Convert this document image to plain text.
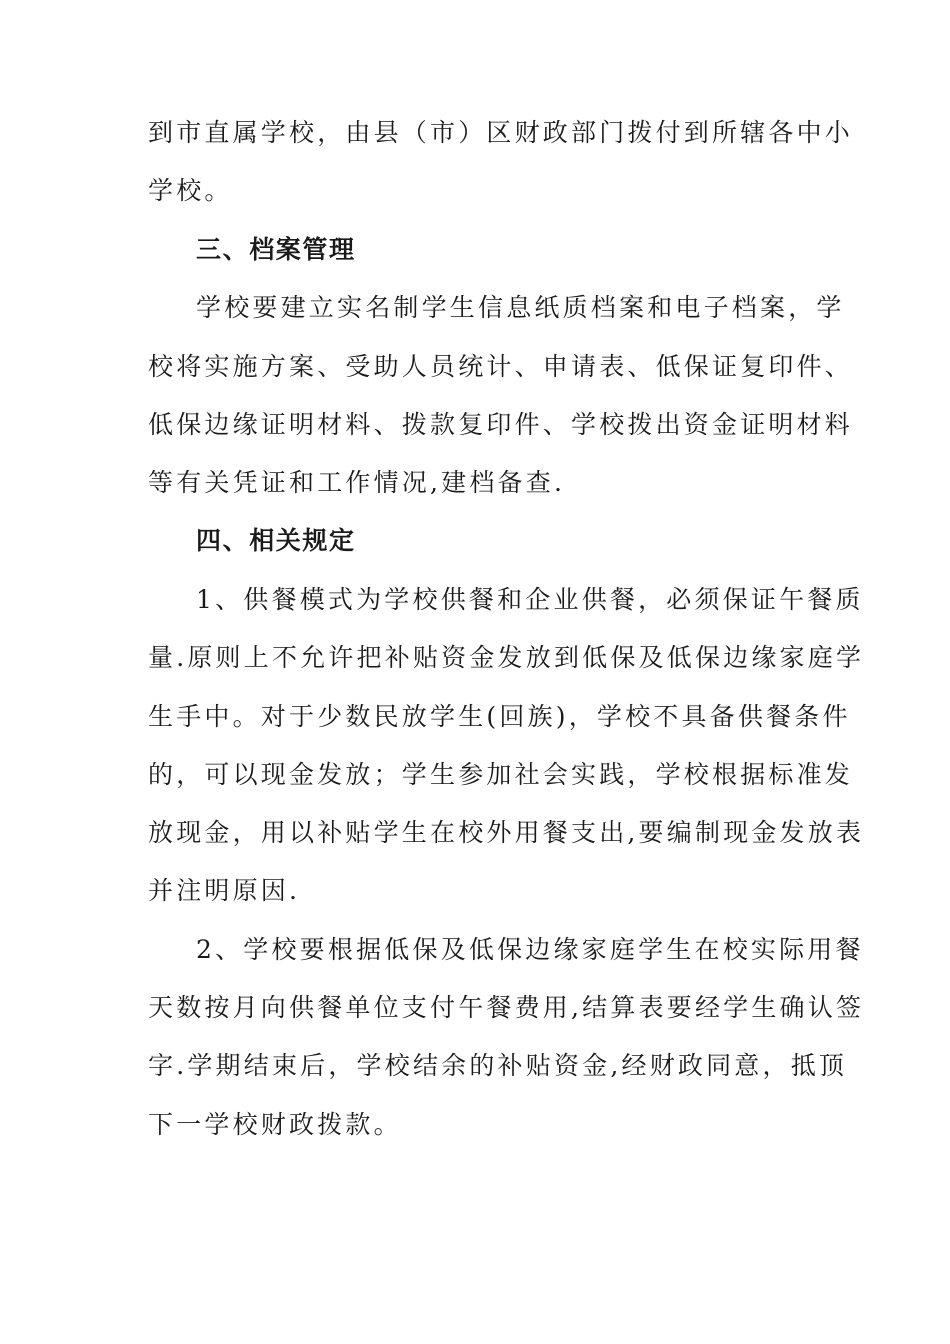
到市直属学校，由县（市）区财政部门拨付到所辖各中小
学校。
三、档案管理
学校要建立实名制学生信息纸质档案和电子档案，学
校将实施方案、受助人员统计、申请表、低保证复印件、
低保边缘证明材料、拨款复印件、学校拨出资金证明材料
等有关凭证和工作情况,建档备查.
四、相关规定
1、供餐模式为学校供餐和企业供餐，必须保证午餐质
量.原则上不允许把补贴资金发放到低保及低保边缘家庭学
生手中。对于少数民放学生(回族)，学校不具备供餐条件
的，可以现金发放；学生参加社会实践，学校根据标准发
放现金，用以补贴学生在校外用餐支出,要编制现金发放表
并注明原因.
2、学校要根据低保及低保边缘家庭学生在校实际用餐
天数按月向供餐单位支付午餐费用,结算表要经学生确认签
字.学期结束后，学校结余的补贴资金,经财政同意，抵顶
下一学校财政拨款。
